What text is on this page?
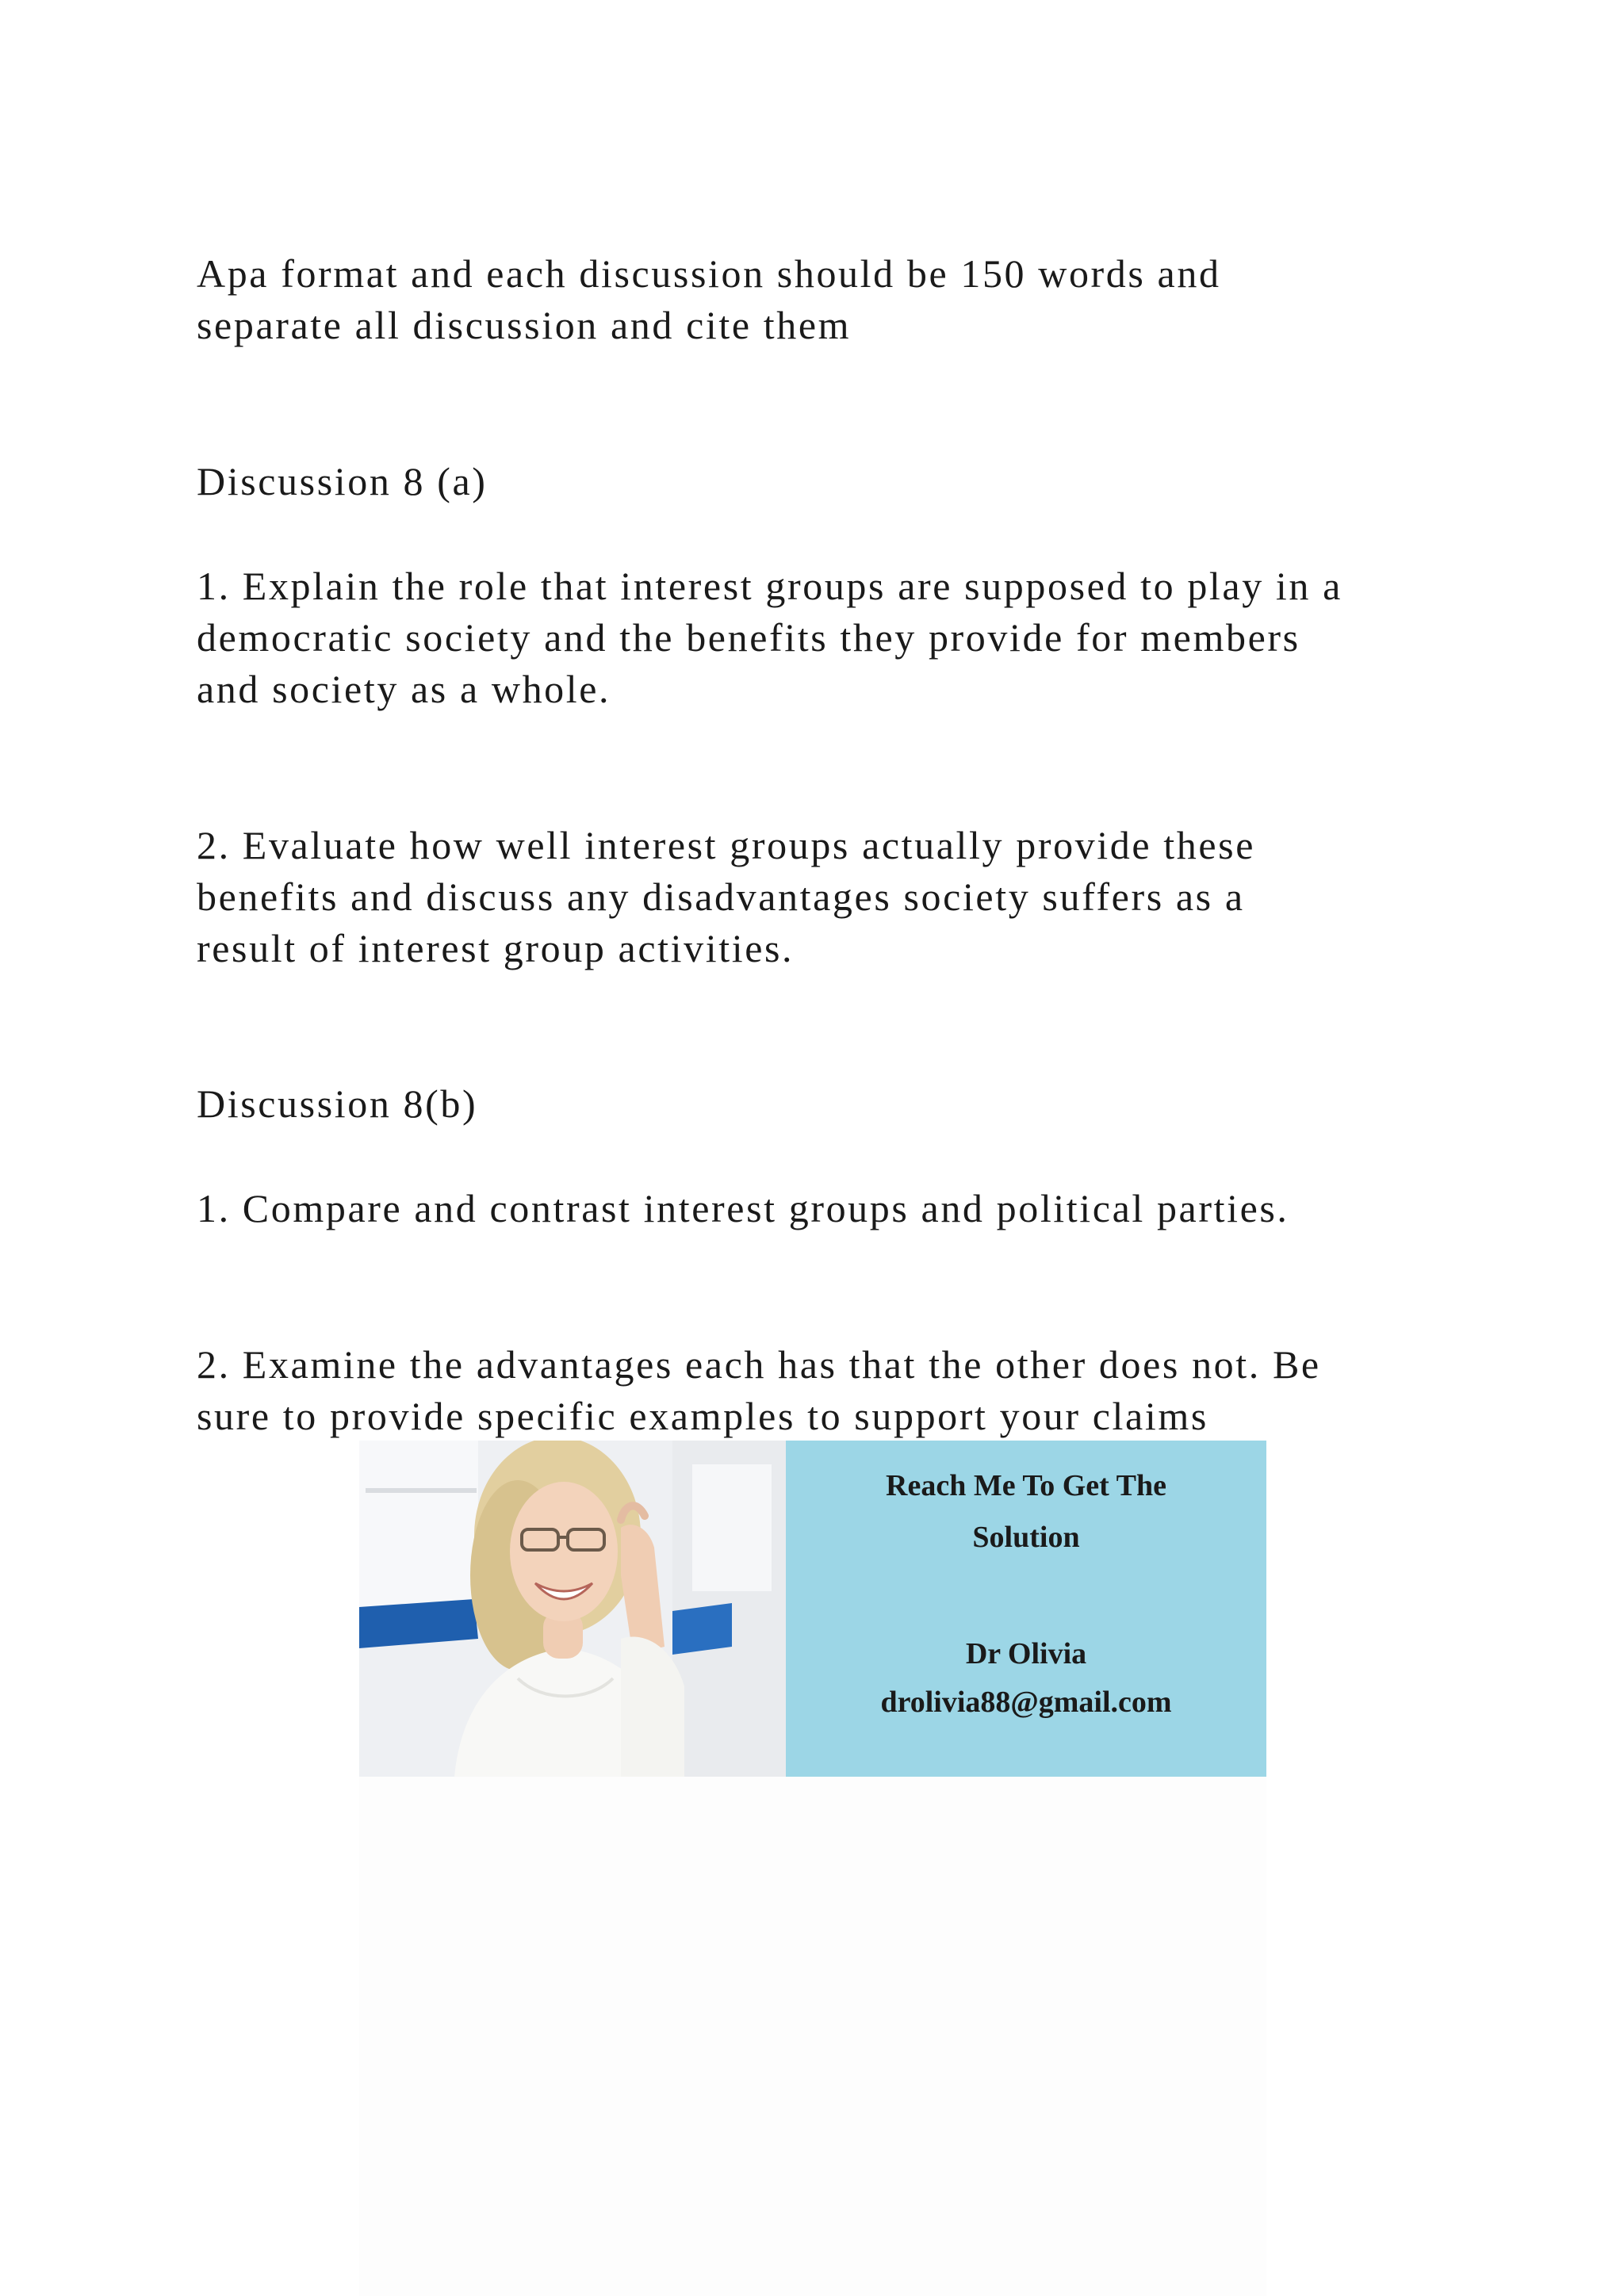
Apa format and each discussion should be 150 words and
separate all discussion and cite them
Discussion 8 (a)
1. Explain the role that interest groups are supposed to play in a
democratic society and the benefits they provide for members
and society as a whole.
2. Evaluate how well interest groups actually provide these
benefits and discuss any disadvantages society suffers as a
result of interest group activities.
Discussion 8(b)
1. Compare and contrast interest groups and political parties.
2. Examine the advantages each has that the other does not. Be
sure to provide specific examples to support your claims
Reach Me To Get The
Solution
Dr Olivia
drolivia88@gmail.com
